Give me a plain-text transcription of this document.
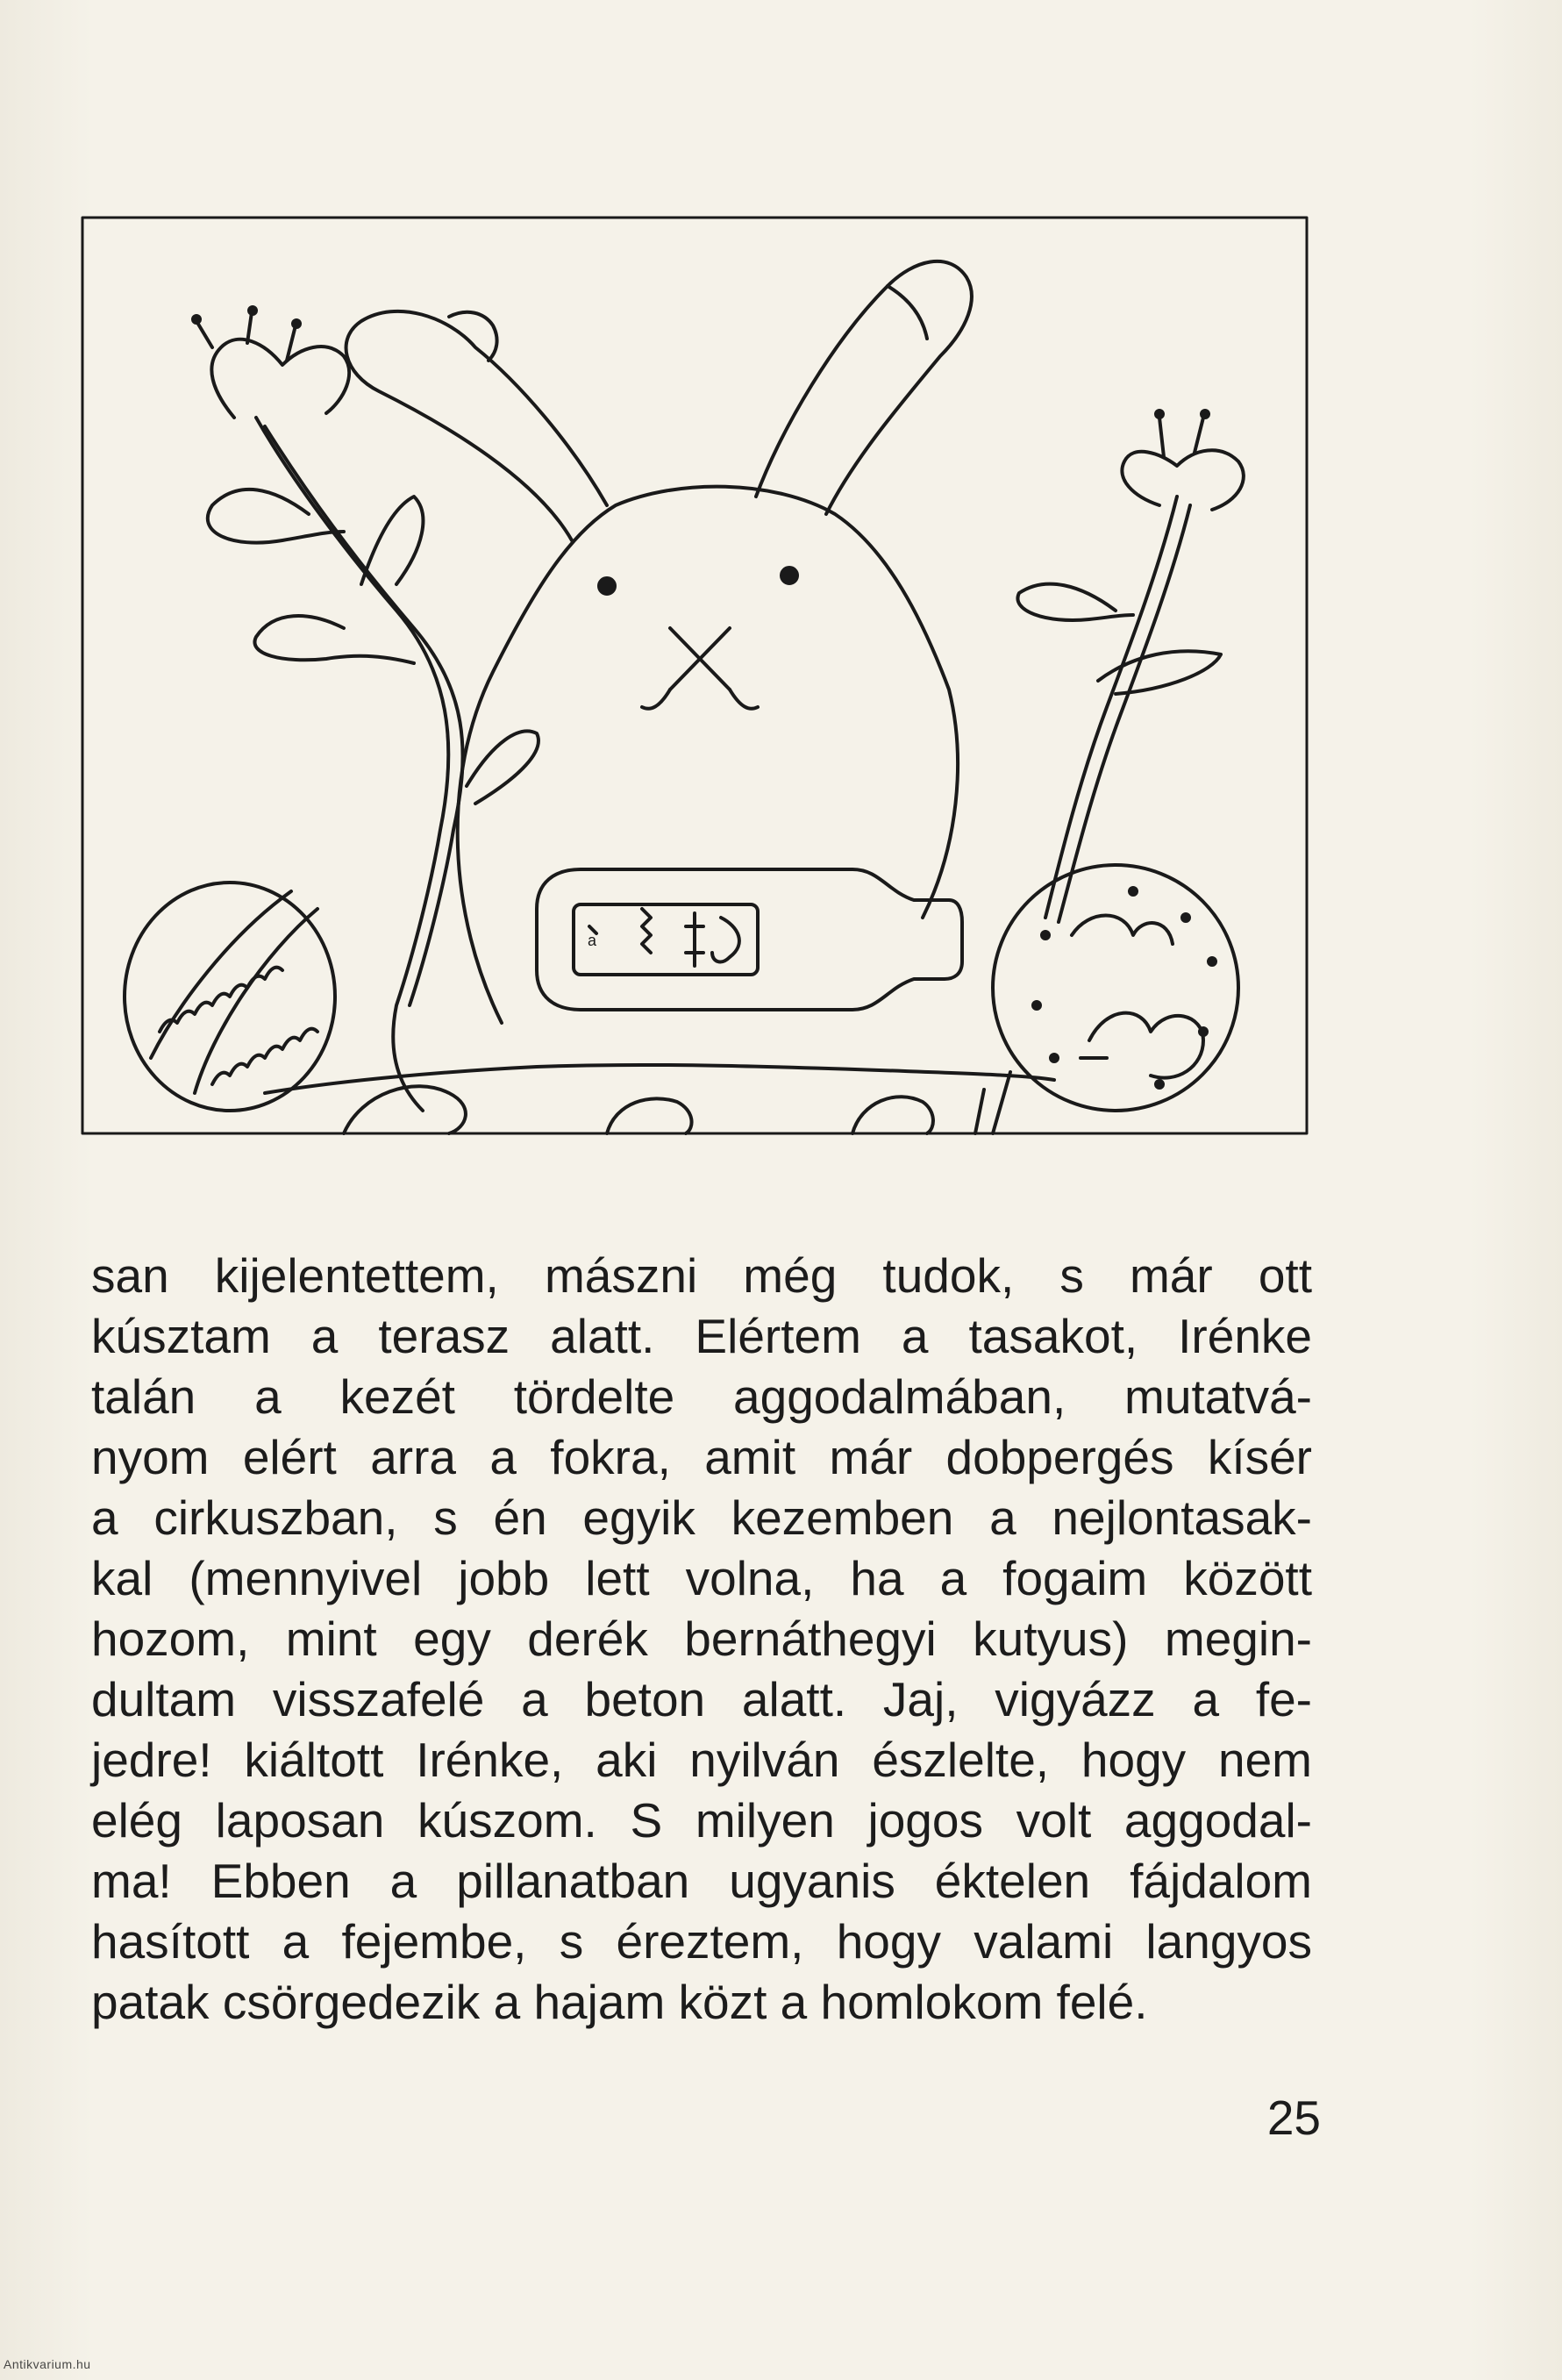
a

san kijelentettem, mászni még tudok, s már ott
kúsztam a terasz alatt. Elértem a tasakot, Irénke
talán a kezét tördelte aggodalmában, mutatvá-
nyom elért arra a fokra, amit már dobpergés kísér
a cirkuszban, s én egyik kezemben a nejlontasak-
kal (mennyivel jobb lett volna, ha a fogaim között
hozom, mint egy derék bernáthegyi kutyus) megin-
dultam visszafelé a beton alatt. Jaj, vigyázz a fe-
jedre! kiáltott Irénke, aki nyilván észlelte, hogy nem
elég laposan kúszom. S milyen jogos volt aggodal-
ma! Ebben a pillanatban ugyanis éktelen fájdalom
hasított a fejembe, s éreztem, hogy valami langyos
patak csörgedezik a hajam közt a homlokom felé.

25
Antikvarium.hu
